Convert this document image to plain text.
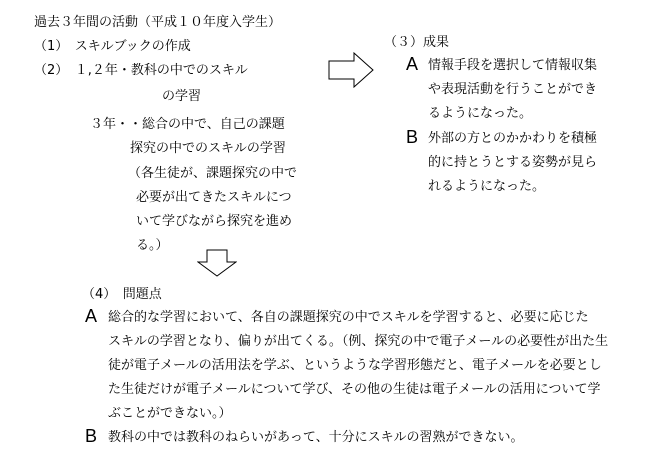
過去３年間の活動（平成１０年度入学生）
（1）　スキルブックの作成
（2）　１,２年・教科の中でのスキル
の学習
３年・・総合の中で、自己の課題
探究の中でのスキルの学習
（各生徒が、課題探究の中で
必要が出てきたスキルにつ
いて学びながら探究を進め
る。）
（３）成果
A 情報手段を選択して情報収集
や表現活動を行うことができ
るようになった。
B 外部の方とのかかわりを積極
的に持とうとする姿勢が見ら
れるようになった。
（4）　問題点
A 総合的な学習において、各自の課題探究の中でスキルを学習すると、必要に応じた
スキルの学習となり、偏りが出てくる。（例、探究の中で電子メールの必要性が出た生
徒が電子メールの活用法を学ぶ、というような学習形態だと、電子メールを必要とし
た生徒だけが電子メールについて学び、その他の生徒は電子メールの活用について学
ぶことができない。）
B 教科の中では教科のねらいがあって、十分にスキルの習熟ができない。
